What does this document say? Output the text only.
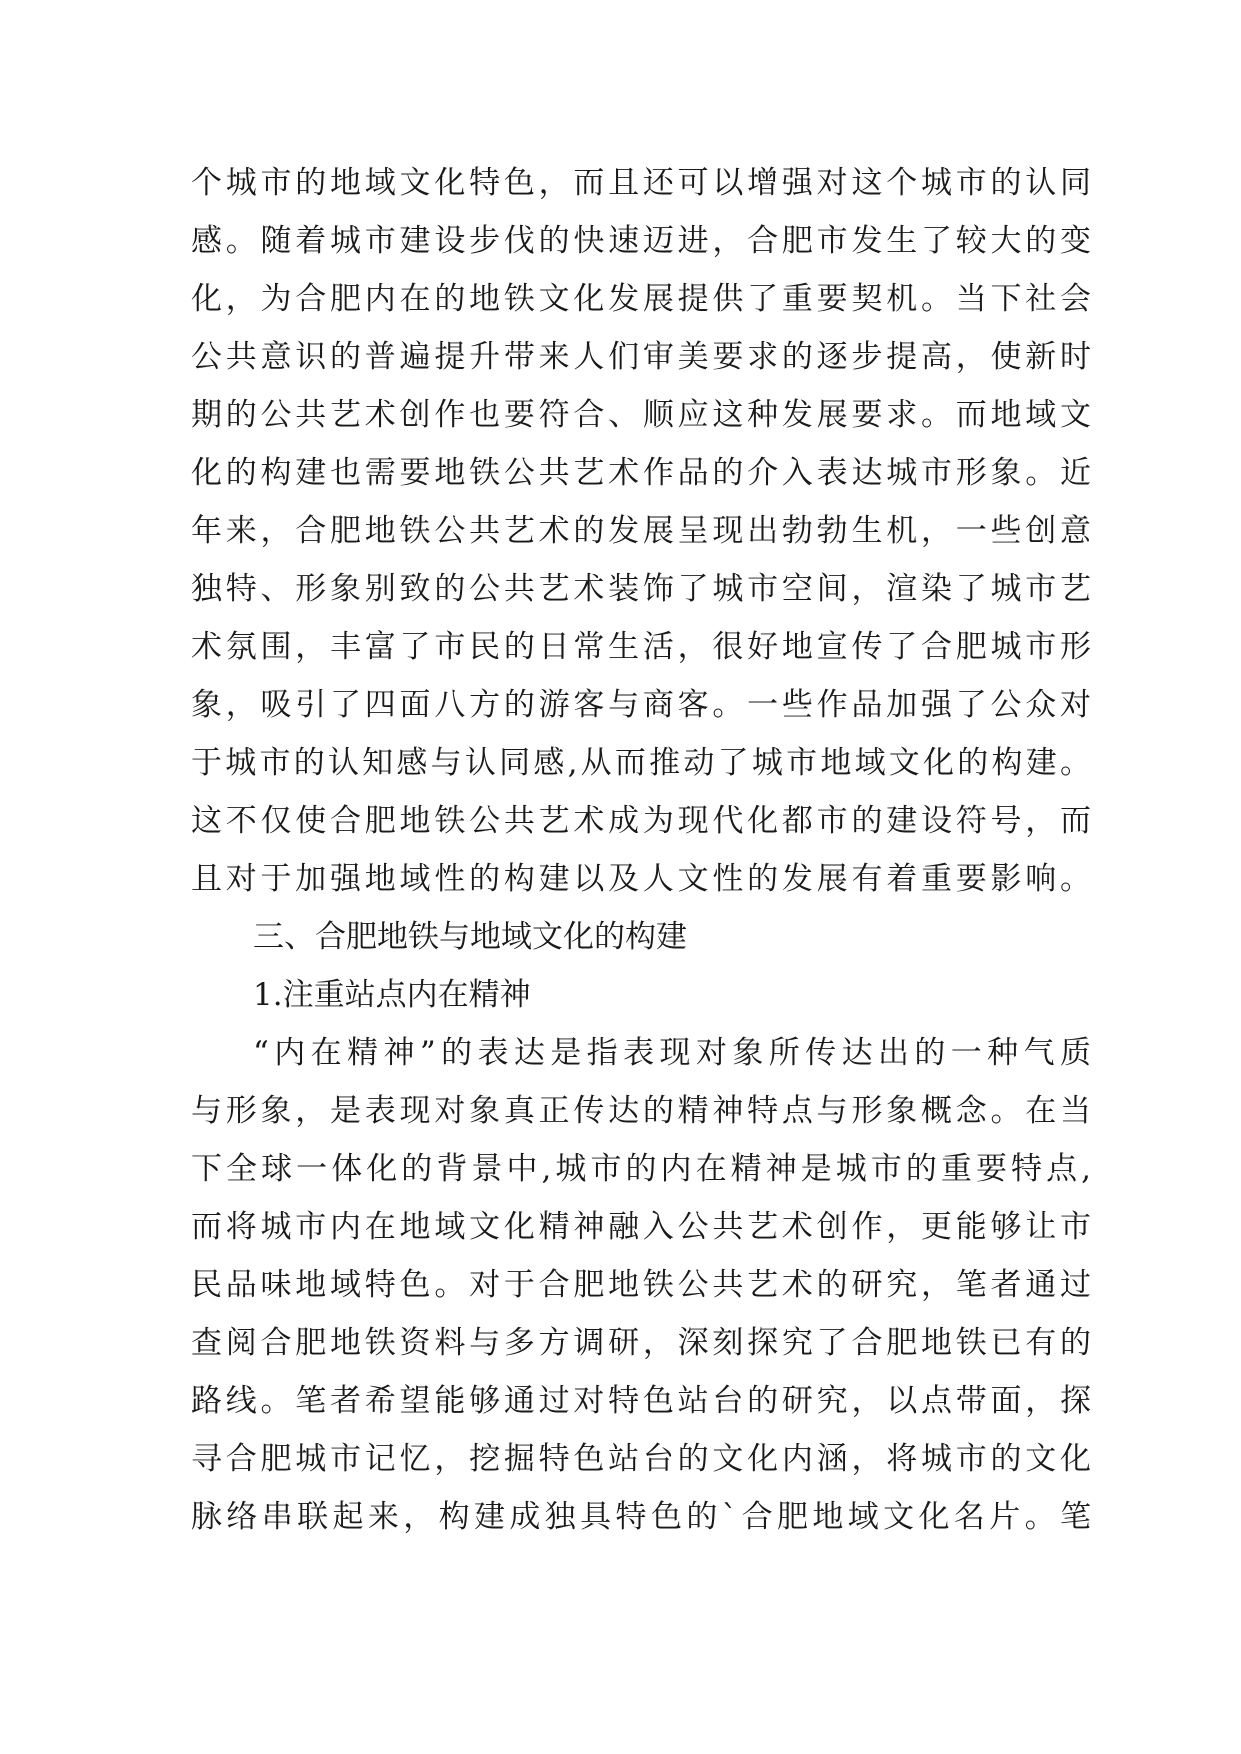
个城市的地域文化特色，而且还可以增强对这个城市的认同
感。随着城市建设步伐的快速迈进，合肥市发生了较大的变
化，为合肥内在的地铁文化发展提供了重要契机。当下社会
公共意识的普遍提升带来人们审美要求的逐步提高，使新时
期的公共艺术创作也要符合、顺应这种发展要求。而地域文
化的构建也需要地铁公共艺术作品的介入表达城市形象。近
年来，合肥地铁公共艺术的发展呈现出勃勃生机，一些创意
独特、形象别致的公共艺术装饰了城市空间，渲染了城市艺
术氛围，丰富了市民的日常生活，很好地宣传了合肥城市形
象，吸引了四面八方的游客与商客。一些作品加强了公众对
于城市的认知感与认同感,从而推动了城市地域文化的构建。
这不仅使合肥地铁公共艺术成为现代化都市的建设符号，而
且对于加强地域性的构建以及人文性的发展有着重要影响。
三、合肥地铁与地域文化的构建
1.注重站点内在精神
“内在精神”的表达是指表现对象所传达出的一种气质
与形象，是表现对象真正传达的精神特点与形象概念。在当
下全球一体化的背景中,城市的内在精神是城市的重要特点,
而将城市内在地域文化精神融入公共艺术创作，更能够让市
民品味地域特色。对于合肥地铁公共艺术的研究，笔者通过
查阅合肥地铁资料与多方调研，深刻探究了合肥地铁已有的
路线。笔者希望能够通过对特色站台的研究，以点带面，探
寻合肥城市记忆，挖掘特色站台的文化内涵，将城市的文化
脉络串联起来，构建成独具特色的`合肥地域文化名片。笔
